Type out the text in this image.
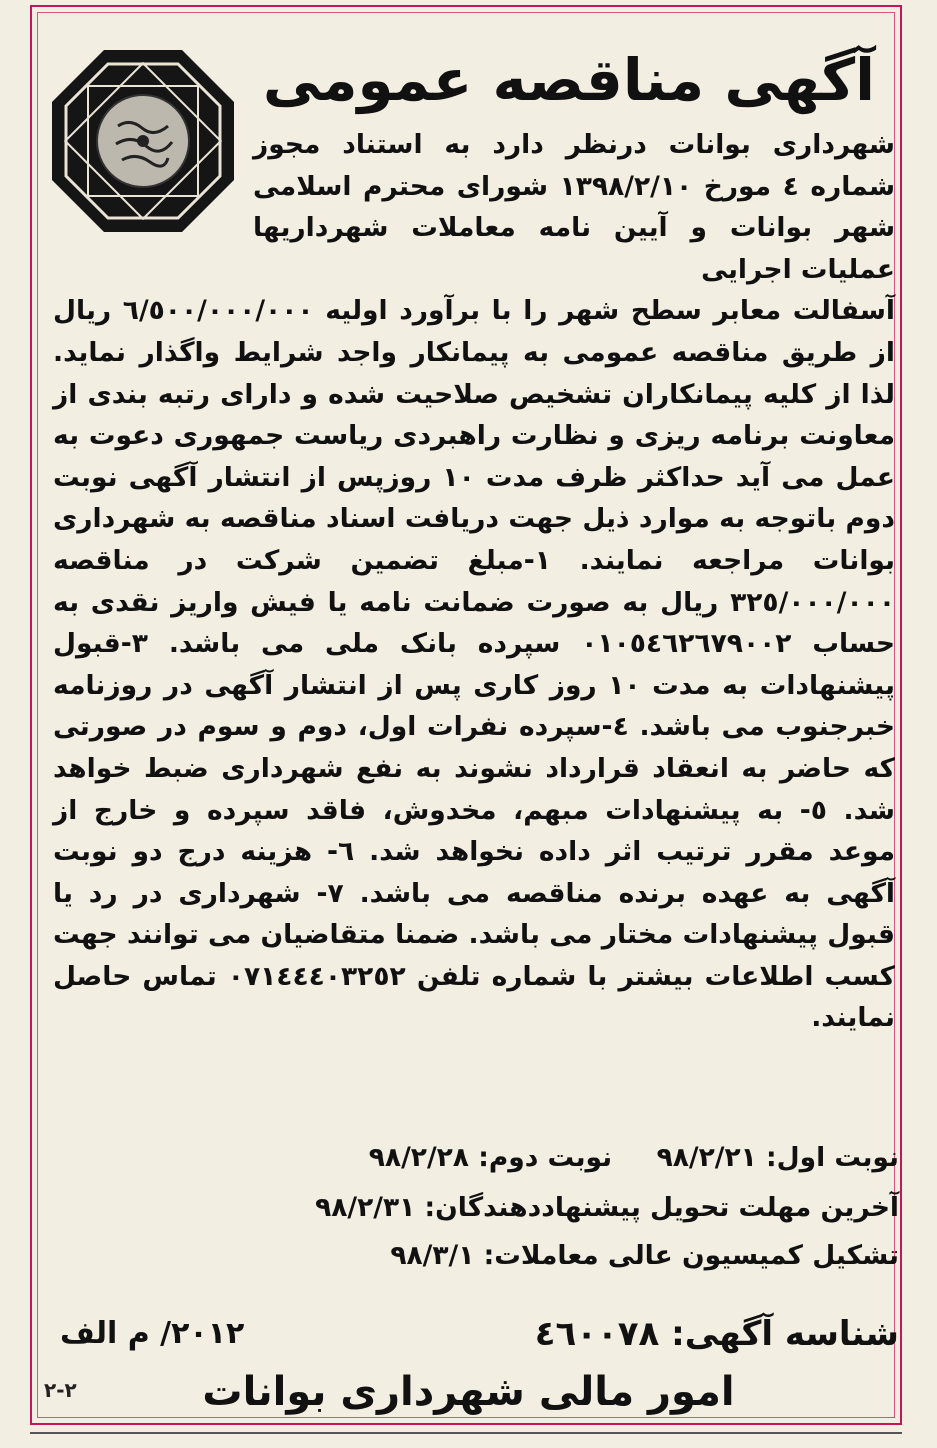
آگهی مناقصه عمومی

شهرداری بوانات درنظر دارد به استناد مجوز شماره ٤ مورخ ۱۳۹۸/۲/۱۰ شورای محترم اسلامی شهر بوانات و آیین نامه معاملات شهرداریها عملیات اجرایی

آسفالت معابر سطح شهر را با برآورد اولیه ٦/٥٠٠/٠٠٠/٠٠٠ ریال از طریق مناقصه عمومی به پیمانکار واجد شرایط واگذار نماید. لذا از کلیه پیمانکاران تشخیص صلاحیت شده و دارای رتبه بندی از معاونت برنامه ریزی و نظارت راهبردی ریاست جمهوری دعوت به عمل می آید حداکثر ظرف مدت ۱۰ روزپس از انتشار آگهی نوبت دوم باتوجه به موارد ذیل جهت دریافت اسناد مناقصه به شهرداری بوانات مراجعه نمایند. ۱-مبلغ تضمین شرکت در مناقصه ۳۲٥/٠٠٠/٠٠٠ ریال به صورت ضمانت نامه یا فیش واریز نقدی به حساب ٠١٠٥٤٦٢٦٧٩٠٠٢ سپرده بانک ملی می باشد. ۳-قبول پیشنهادات به مدت ۱۰ روز کاری پس از انتشار آگهی در روزنامه خبرجنوب می باشد. ٤-سپرده نفرات اول، دوم و سوم در صورتی که حاضر به انعقاد قرارداد نشوند به نفع شهرداری ضبط خواهد شد. ٥- به پیشنهادات مبهم، مخدوش، فاقد سپرده و خارج از موعد مقرر ترتیب اثر داده نخواهد شد. ٦- هزینه درج دو نوبت آگهی به عهده برنده مناقصه می باشد. ۷- شهرداری در رد یا قبول پیشنهادات مختار می باشد. ضمنا متقاضیان می توانند جهت کسب اطلاعات بیشتر با شماره تلفن ٠٧١٤٤٤٠٣٢٥٢ تماس حاصل نمایند.

نوبت اول: ۹۸/۲/۲۱  نوبت دوم: ۹۸/۲/۲۸
آخرین مهلت تحویل پیشنهاددهندگان: ۹۸/۲/۳۱
تشکیل کمیسیون عالی معاملات: ۹۸/۳/۱
شناسه آگهی: ٤٦٠٠۷۸
۲٠۱۲/ م الف
امور مالی شهرداری بوانات
۲-۲
